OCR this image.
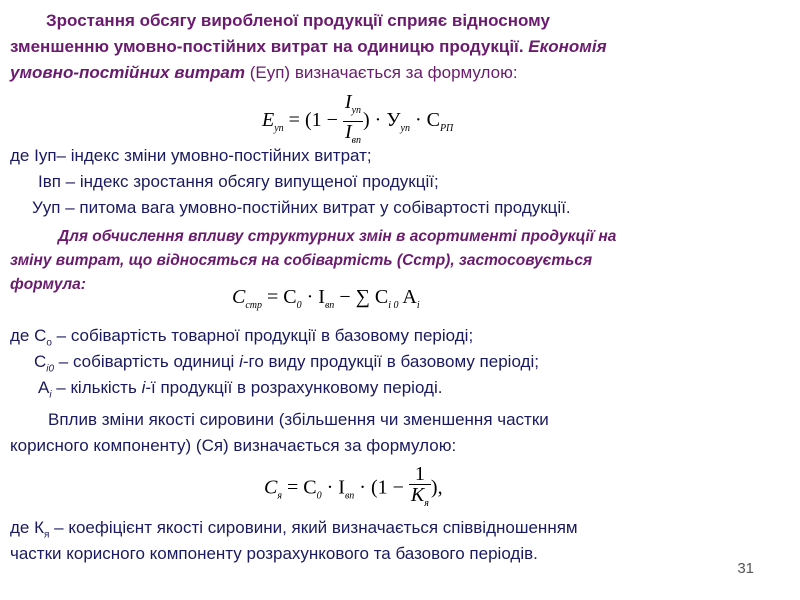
Зростання обсягу виробленої продукції сприяє відносному
зменшенню умовно-постійних витрат на одиницю продукції. Економія
умовно-постійних витрат (Еуп) визначається за формулою:
$E_{уп} = (1 - \frac{I_{уп}}{I_{вп}}$ ) · $У_{уп} \cdot С_{РП}$
де Іуп– індекс зміни умовно-постійних витрат;
Івп – індекс зростання обсягу випущеної продукції;
Ууп – питома вага умовно-постійних витрат у собівартості продукції.
Для обчислення впливу структурних змін в асортименті продукції на
зміну витрат, що відносяться на собівартість (Сстр), застосовується
формула:
$C_{стр} = C_0 \cdot I_{вп}$ − ∑ $C_{i 0}$ $A_i$
де $С_о$ – собівартість товарної продукції в базовому періоді;
$С_{і0}$ – собівартість одиниці і-го виду продукції в базовому періоді;
$А_і$ – кількість і-ї продукції в розрахунковому періоді.
Вплив зміни якості сировини (збільшення чи зменшення частки
корисного компоненту) (Ся) визначається за формулою:
$C_я = C_0 \cdot I_{вп} \cdot (1 - \frac{1}{K_я}$ ),
де $К_я$ – коефіцієнт якості сировини, який визначається співвідношенням
частки корисного компоненту розрахункового та базового періодів.
31
